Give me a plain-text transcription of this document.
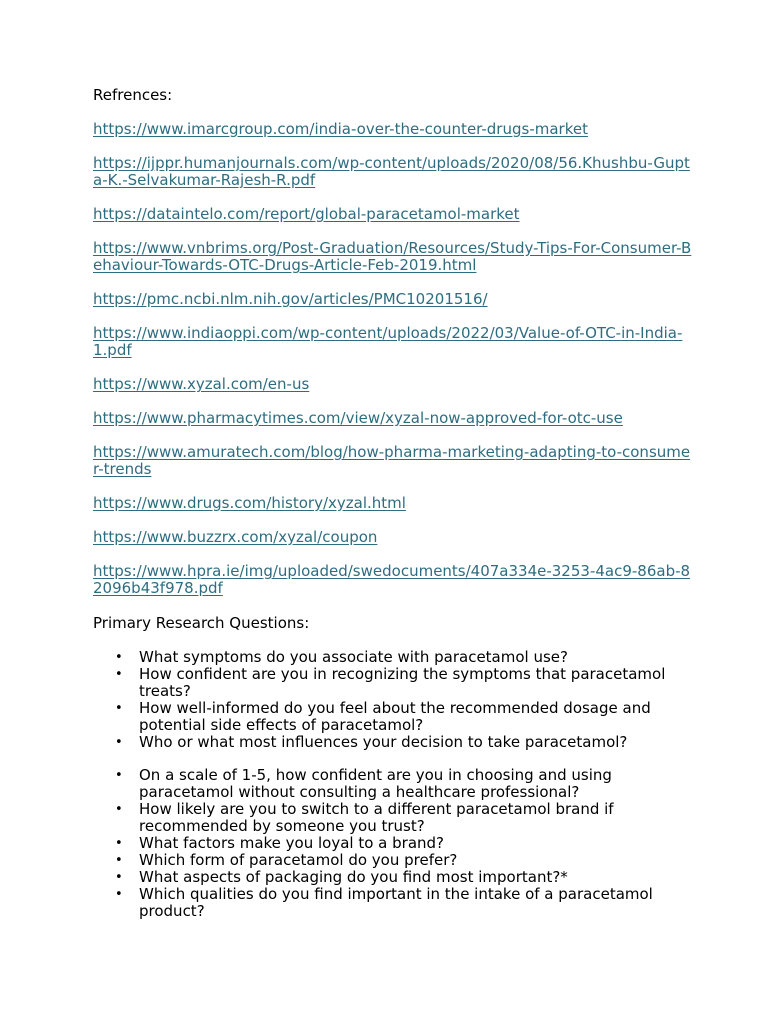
Refrences:

https://www.imarcgroup.com/india-over-the-counter-drugs-market
https://ijppr.humanjournals.com/wp-content/uploads/2020/08/56.Khushbu-Gupta-K.-Selvakumar-Rajesh-R.pdf
https://dataintelo.com/report/global-paracetamol-market
https://www.vnbrims.org/Post-Graduation/Resources/Study-Tips-For-Consumer-Behaviour-Towards-OTC-Drugs-Article-Feb-2019.html
https://pmc.ncbi.nlm.nih.gov/articles/PMC10201516/
https://www.indiaoppi.com/wp-content/uploads/2022/03/Value-of-OTC-in-India-1.pdf
https://www.xyzal.com/en-us
https://www.pharmacytimes.com/view/xyzal-now-approved-for-otc-use
https://www.amuratech.com/blog/how-pharma-marketing-adapting-to-consumer-trends
https://www.drugs.com/history/xyzal.html
https://www.buzzrx.com/xyzal/coupon
https://www.hpra.ie/img/uploaded/swedocuments/407a334e-3253-4ac9-86ab-82096b43f978.pdf

Primary Research Questions:

• What symptoms do you associate with paracetamol use?
• How confident are you in recognizing the symptoms that paracetamol treats?
• How well-informed do you feel about the recommended dosage and potential side effects of paracetamol?
• Who or what most influences your decision to take paracetamol?
• On a scale of 1-5, how confident are you in choosing and using paracetamol without consulting a healthcare professional?
• How likely are you to switch to a different paracetamol brand if recommended by someone you trust?
• What factors make you loyal to a brand?
• Which form of paracetamol do you prefer?
• What aspects of packaging do you find most important?*
• Which qualities do you find important in the intake of a paracetamol product?
